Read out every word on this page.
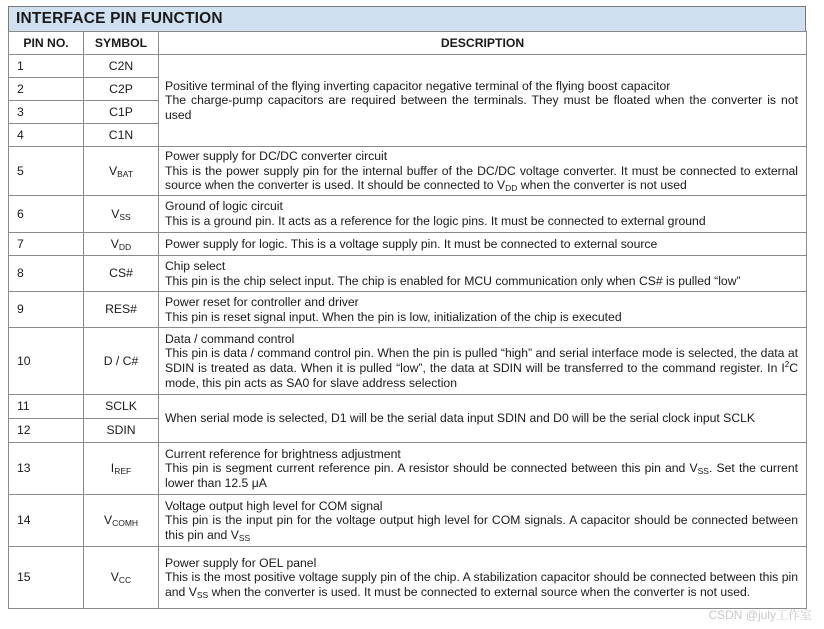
INTERFACE PIN FUNCTION
PIN NO.	SYMBOL	DESCRIPTION
1	C2N	Positive terminal of the flying inverting capacitor negative terminal of the flying boost capacitor
The charge-pump capacitors are required between the terminals. They must be floated when the converter is not used

2	C2P	
3	C1P	
4	C1N	
5	$V_{BAT}$	Power supply for DC/DC converter circuit
This is the power supply pin for the internal buffer of the DC/DC voltage converter. It must be connected to external source when the converter is used. It should be connected to $V_{DD}$ when the converter is not used

6	$V_{SS}$	Ground of logic circuit
This is a ground pin. It acts as a reference for the logic pins. It must be connected to external ground

7	$V_{DD}$	Power supply for logic. This is a voltage supply pin. It must be connected to external source
8	CS#	Chip select
This pin is the chip select input. The chip is enabled for MCU communication only when CS# is pulled “low”

9	RES#	Power reset for controller and driver
This pin is reset signal input. When the pin is low, initialization of the chip is executed

10	D / C#	Data / command control
This pin is data / command control pin. When the pin is pulled “high” and serial interface mode is selected, the data at SDIN is treated as data. When it is pulled “low”, the data at SDIN will be transferred to the command register. In $I^2C$ mode, this pin acts as SA0 for slave address selection

11	SCLK	When serial mode is selected, D1 will be the serial data input SDIN and D0 will be the serial clock input SCLK
12	SDIN	
13	$I_{REF}$	Current reference for brightness adjustment
This pin is segment current reference pin. A resistor should be connected between this pin and $V_{SS}$. Set the current lower than 12.5 μA

14	$V_{COMH}$	Voltage output high level for COM signal
This pin is the input pin for the voltage output high level for COM signals. A capacitor should be connected between this pin and $V_{SS}$

15	$V_{CC}$	Power supply for OEL panel
This is the most positive voltage supply pin of the chip. A stabilization capacitor should be connected between this pin and $V_{SS}$ when the converter is used. It must be connected to external source when the converter is not used.
CSDN @july工作室
